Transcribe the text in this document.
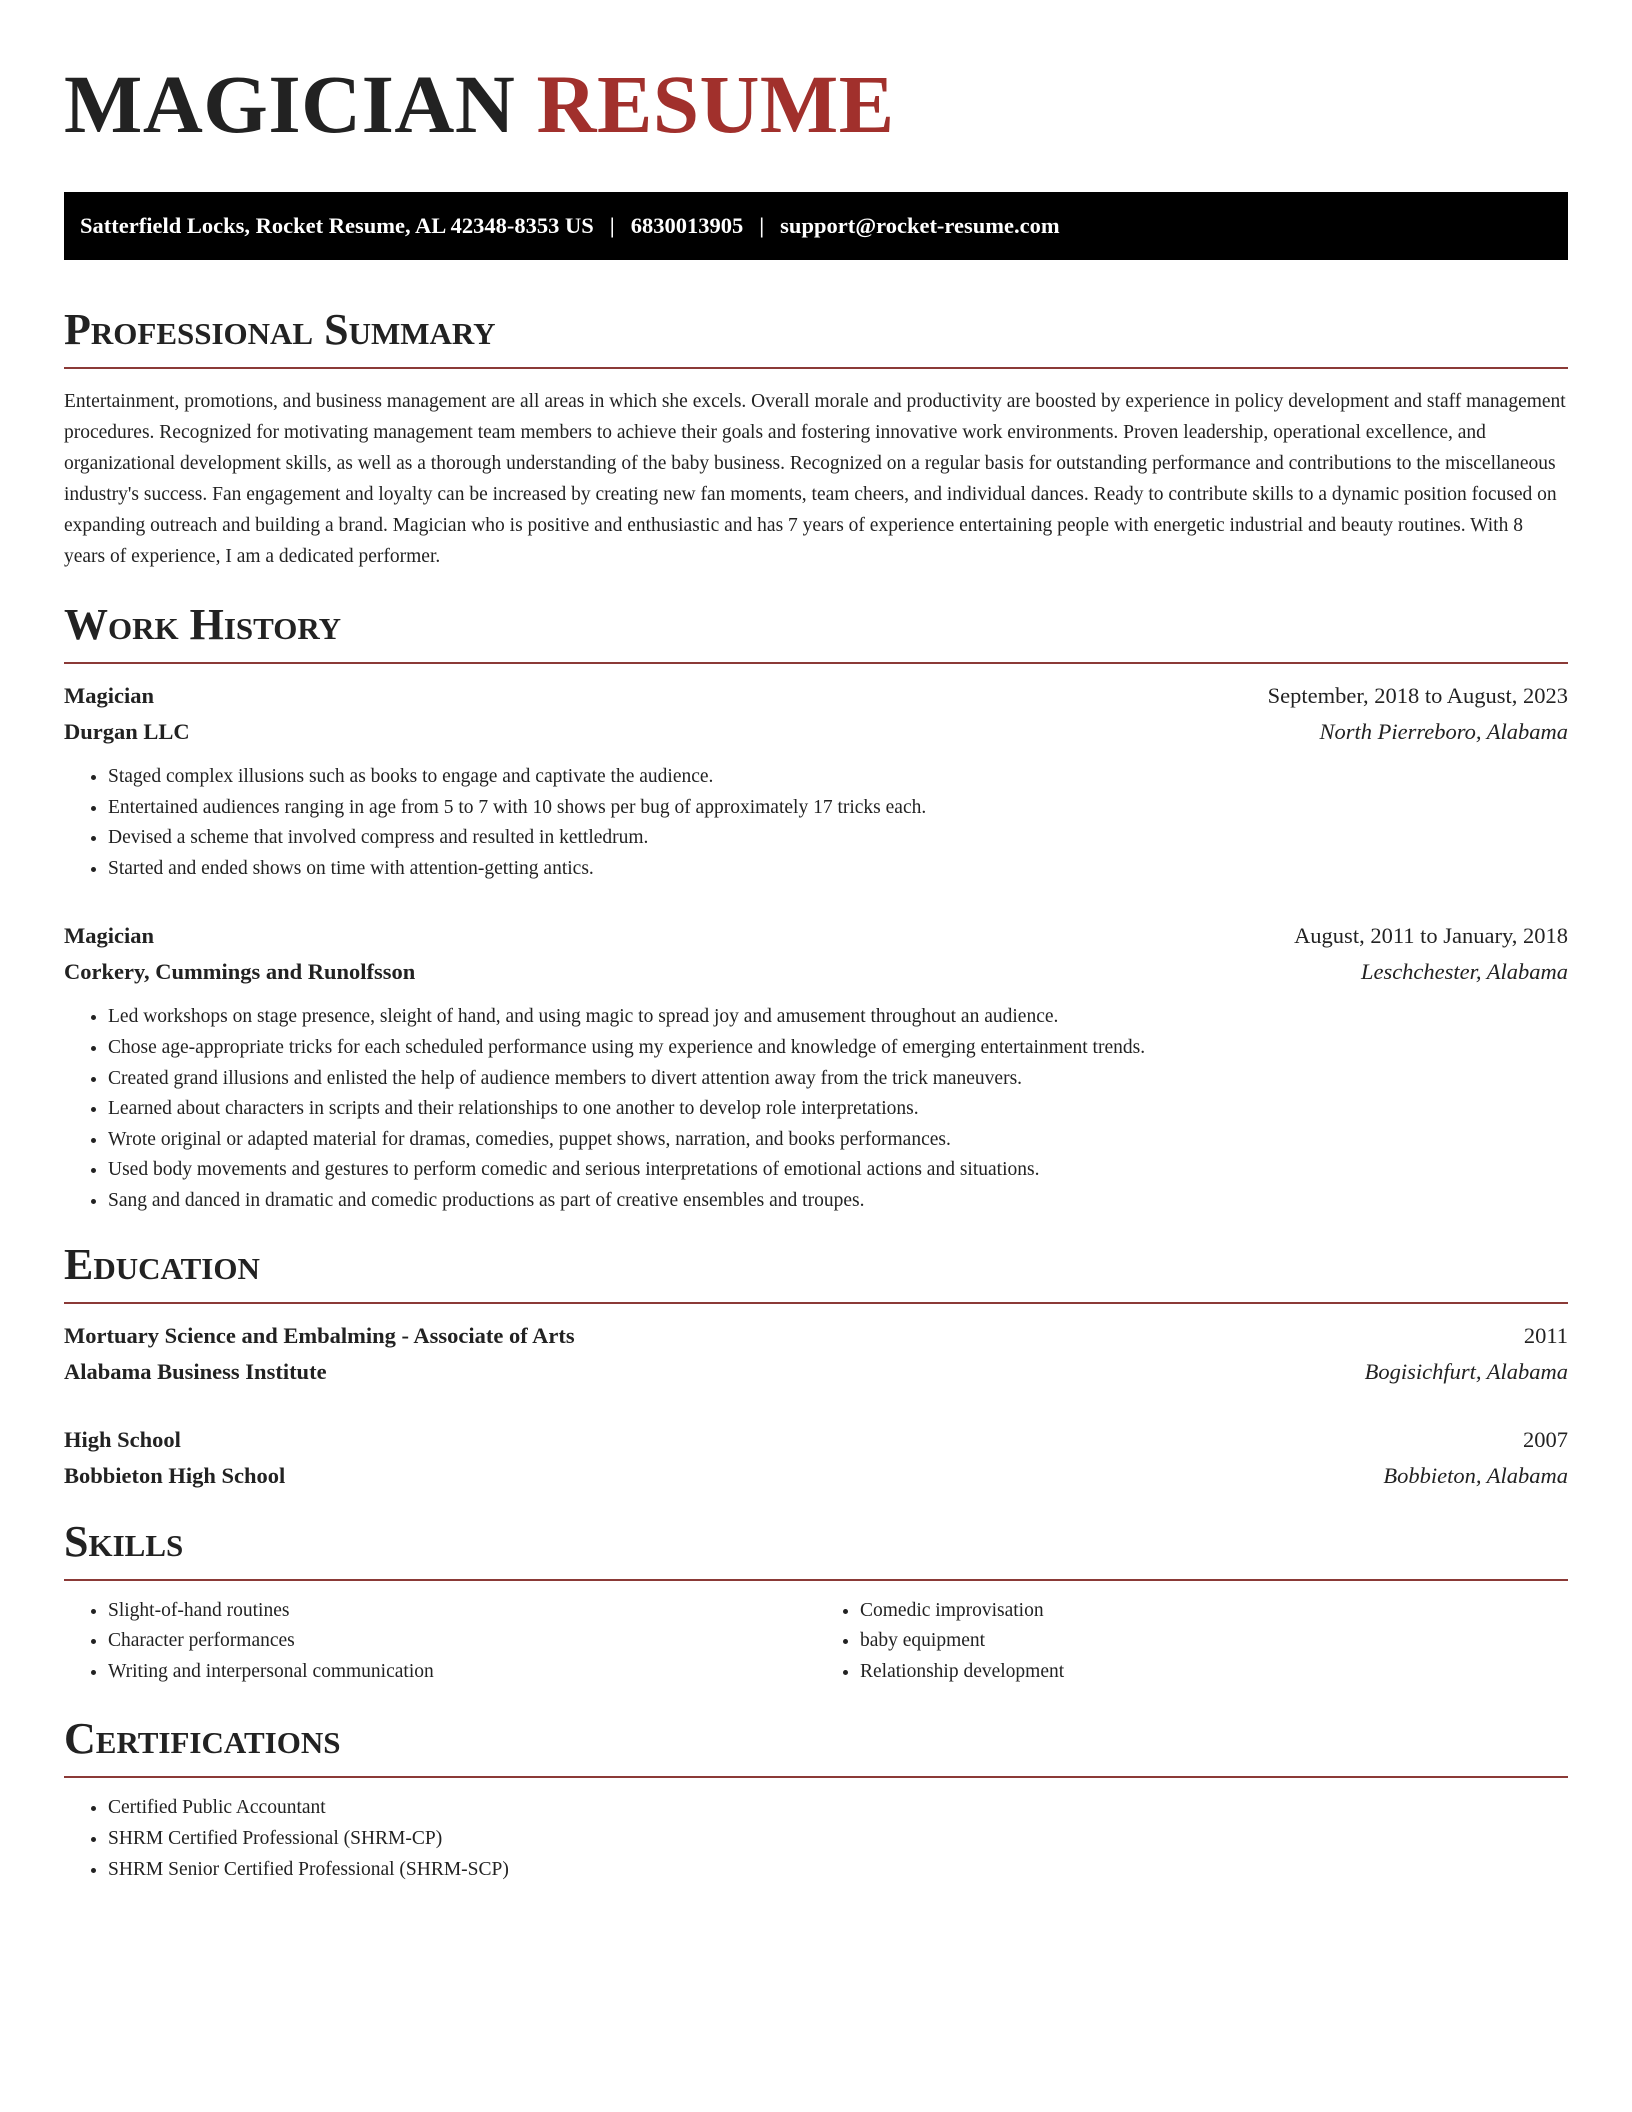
MAGICIAN RESUME
Satterfield Locks, Rocket Resume, AL 42348-8353 US | 6830013905 | support@rocket-resume.com
Professional Summary

Entertainment, promotions, and business management are all areas in which she excels. Overall morale and productivity are boosted by experience in policy development and staff management procedures. Recognized for motivating management team members to achieve their goals and fostering innovative work environments. Proven leadership, operational excellence, and organizational development skills, as well as a thorough understanding of the baby business. Recognized on a regular basis for outstanding performance and contributions to the miscellaneous industry's success. Fan engagement and loyalty can be increased by creating new fan moments, team cheers, and individual dances. Ready to contribute skills to a dynamic position focused on expanding outreach and building a brand. Magician who is positive and enthusiastic and has 7 years of experience entertaining people with energetic industrial and beauty routines. With 8 years of experience, I am a dedicated performer.

Work History
Magician	September, 2018 to August, 2023
Durgan LLC	North Pierreboro, Alabama
• Staged complex illusions such as books to engage and captivate the audience.
• Entertained audiences ranging in age from 5 to 7 with 10 shows per bug of approximately 17 tricks each.
• Devised a scheme that involved compress and resulted in kettledrum.
• Started and ended shows on time with attention-getting antics.
Magician	August, 2011 to January, 2018
Corkery, Cummings and Runolfsson	Leschchester, Alabama
• Led workshops on stage presence, sleight of hand, and using magic to spread joy and amusement throughout an audience.
• Chose age-appropriate tricks for each scheduled performance using my experience and knowledge of emerging entertainment trends.
• Created grand illusions and enlisted the help of audience members to divert attention away from the trick maneuvers.
• Learned about characters in scripts and their relationships to one another to develop role interpretations.
• Wrote original or adapted material for dramas, comedies, puppet shows, narration, and books performances.
• Used body movements and gestures to perform comedic and serious interpretations of emotional actions and situations.
• Sang and danced in dramatic and comedic productions as part of creative ensembles and troupes.
Education
Mortuary Science and Embalming - Associate of Arts	2011
Alabama Business Institute	Bogisichfurt, Alabama
High School	2007
Bobbieton High School	Bobbieton, Alabama
Skills
• Slight-of-hand routines
• Character performances
• Writing and interpersonal communication
• Comedic improvisation
• baby equipment
• Relationship development
Certifications
• Certified Public Accountant
• SHRM Certified Professional (SHRM-CP)
• SHRM Senior Certified Professional (SHRM-SCP)
